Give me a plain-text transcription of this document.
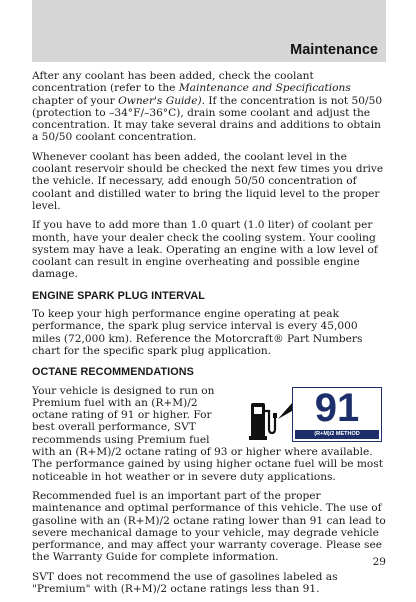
Maintenance

After any coolant has been added, check the coolant concentration (refer to the Maintenance and Specifications chapter of your Owner's Guide). If the concentration is not 50/50 (protection to –34°F/–36°C), drain some coolant and adjust the concentration. It may take several drains and additions to obtain a 50/50 coolant concentration.

Whenever coolant has been added, the coolant level in the coolant reservoir should be checked the next few times you drive the vehicle. If necessary, add enough 50/50 concentration of coolant and distilled water to bring the liquid level to the proper level.

If you have to add more than 1.0 quart (1.0 liter) of coolant per month, have your dealer check the cooling system. Your cooling system may have a leak. Operating an engine with a low level of coolant can result in engine overheating and possible engine damage.

ENGINE SPARK PLUG INTERVAL

To keep your high performance engine operating at peak performance, the spark plug service interval is every 45,000 miles (72,000 km). Reference the Motorcraft® Part Numbers chart for the specific spark plug application.

OCTANE RECOMMENDATIONS

Your vehicle is designed to run on Premium fuel with an (R+M)/2 octane rating of 91 or higher. For best overall performance, SVT recommends using Premium fuel

91
(R+M)/2 METHOD

with an (R+M)/2 octane rating of 93 or higher where available. The performance gained by using higher octane fuel will be most noticeable in hot weather or in severe duty applications.

Recommended fuel is an important part of the proper maintenance and optimal performance of this vehicle. The use of gasoline with an (R+M)/2 octane rating lower than 91 can lead to severe mechanical damage to your vehicle, may degrade vehicle performance, and may affect your warranty coverage. Please see the Warranty Guide for complete information.

SVT does not recommend the use of gasolines labeled as "Premium" with (R+M)/2 octane ratings less than 91.

29
